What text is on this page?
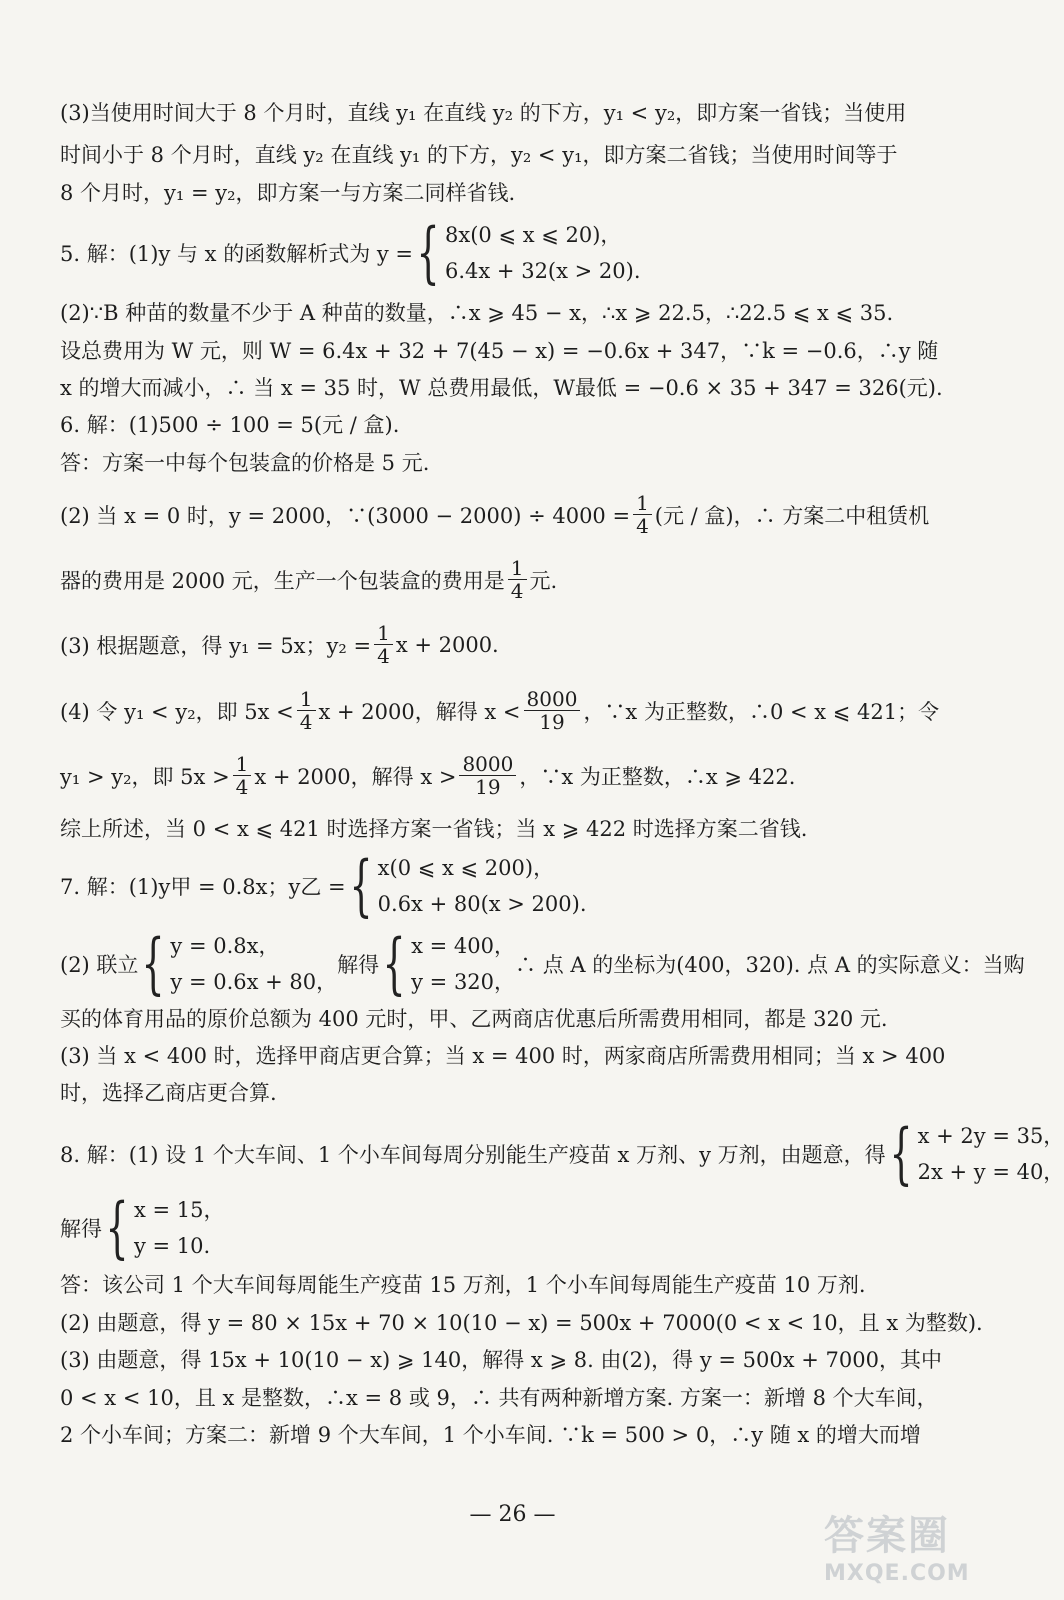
(3)当使用时间大于 8 个月时，直线 y₁ 在直线 y₂ 的下方，y₁ < y₂，即方案一省钱；当使用
时间小于 8 个月时，直线 y₂ 在直线 y₁ 的下方，y₂ < y₁，即方案二省钱；当使用时间等于
8 个月时，y₁ = y₂，即方案一与方案二同样省钱.
5. 解：(1)y 与 x 的函数解析式为 y = { 8x(0 ⩽ x ⩽ 20)，
6.4x + 32(x > 20).
(2)∵B 种苗的数量不少于 A 种苗的数量，∴x ⩾ 45 − x，∴x ⩾ 22.5，∴22.5 ⩽ x ⩽ 35.
设总费用为 W 元，则 W = 6.4x + 32 + 7(45 − x) = −0.6x + 347，∵k = −0.6，∴y 随
x 的增大而减小，∴ 当 x = 35 时，W 总费用最低，W最低 = −0.6 × 35 + 347 = 326(元).
6. 解：(1)500 ÷ 100 = 5(元 / 盒).
答：方案一中每个包装盒的价格是 5 元.
(2) 当 x = 0 时，y = 2000，∵(3000 − $2000) \div 4000 = \frac{1}{4}$ (元 / 盒)，∴ 方案二中租赁机
器的费用是 2000 元，生产一个包装盒的费用是 $\frac{1}{4}$ 元.
(3) 根据题意，得 y₁ = 5x；$y_2 = \frac{1}{4}$ x + 2000.
(4) 令 y₁ < y₂，即 $5x < \frac{1}{4}$ x + 2000，解得 $x < \frac{8000}{19}$ ，∵x 为正整数，∴0 < x ⩽ 421；令
y₁ > y₂，即 $5x > \frac{1}{4}$ x + 2000，解得 $x > \frac{8000}{19}$ ，∵x 为正整数，∴x ⩾ 422.
综上所述，当 0 < x ⩽ 421 时选择方案一省钱；当 x ⩾ 422 时选择方案二省钱.
7. 解：(1)y甲 = 0.8x；y乙 = { x(0 ⩽ x ⩽ 200)，
0.6x + 80(x > 200).
(2) 联立 { y = 0.8x，
y = 0.6x + 80，
解得 { x = 400，
y = 320，
∴ 点 A 的坐标为(400，320). 点 A 的实际意义：当购
买的体育用品的原价总额为 400 元时，甲、乙两商店优惠后所需费用相同，都是 320 元.
(3) 当 x < 400 时，选择甲商店更合算；当 x = 400 时，两家商店所需费用相同；当 x > 400
时，选择乙商店更合算.
8. 解：(1) 设 1 个大车间、1 个小车间每周分别能生产疫苗 x 万剂、y 万剂，由题意，得 { x + 2y = 35，
2x + y = 40，
解得 { x = 15，
y = 10.
答：该公司 1 个大车间每周能生产疫苗 15 万剂，1 个小车间每周能生产疫苗 10 万剂.
(2) 由题意，得 y = 80 × 15x + 70 × 10(10 − x) = 500x + 7000(0 < x < 10，且 x 为整数).
(3) 由题意，得 15x + 10(10 − x) ⩾ 140，解得 x ⩾ 8. 由(2)，得 y = 500x + 7000，其中
0 < x < 10，且 x 是整数，∴x = 8 或 9，∴ 共有两种新增方案. 方案一：新增 8 个大车间，
2 个小车间；方案二：新增 9 个大车间，1 个小车间. ∵k = 500 > 0，∴y 随 x 的增大而增
— 26 —	答案圈
MXQE.COM
